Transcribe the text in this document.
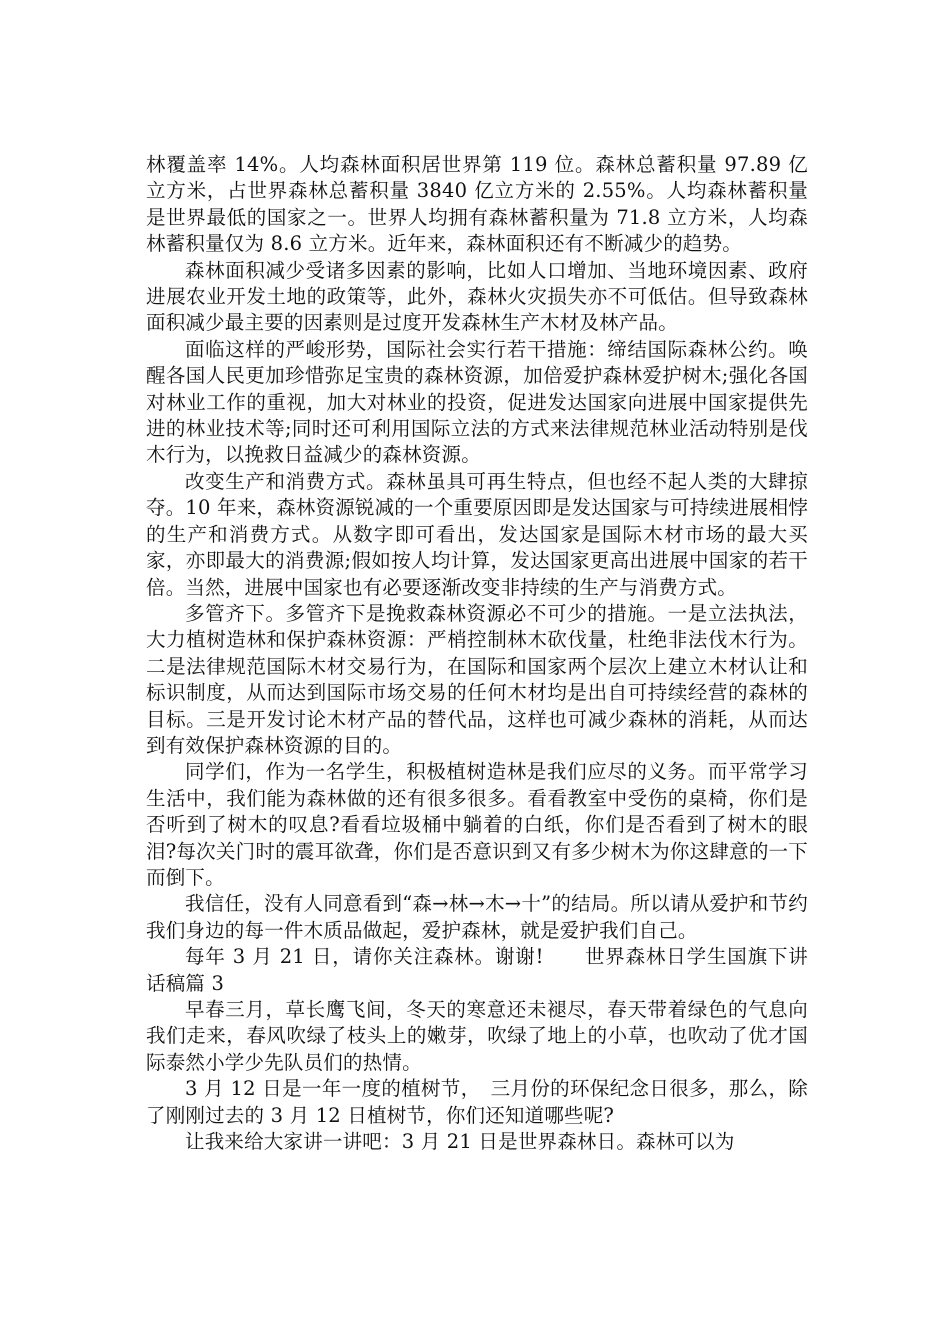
林覆盖率 14%。人均森林面积居世界第 119 位。森林总蓄积量 97.89 亿立方米，占世界森林总蓄积量 3840 亿立方米的 2.55%。人均森林蓄积量是世界最低的国家之一。世界人均拥有森林蓄积量为 71.8 立方米，人均森林蓄积量仅为 8.6 立方米。近年来，森林面积还有不断减少的趋势。

森林面积减少受诸多因素的影响，比如人口增加、当地环境因素、政府进展农业开发土地的政策等，此外，森林火灾损失亦不可低估。但导致森林面积减少最主要的因素则是过度开发森林生产木材及林产品。

面临这样的严峻形势，国际社会实行若干措施：缔结国际森林公约。唤醒各国人民更加珍惜弥足宝贵的森林资源，加倍爱护森林爱护树木;强化各国对林业工作的重视，加大对林业的投资，促进发达国家向进展中国家提供先进的林业技术等;同时还可利用国际立法的方式来法律规范林业活动特别是伐木行为，以挽救日益减少的森林资源。

改变生产和消费方式。森林虽具可再生特点，但也经不起人类的大肆掠夺。10 年来，森林资源锐减的一个重要原因即是发达国家与可持续进展相悖的生产和消费方式。从数字即可看出，发达国家是国际木材市场的最大买家，亦即最大的消费源;假如按人均计算，发达国家更高出进展中国家的若干倍。当然，进展中国家也有必要逐渐改变非持续的生产与消费方式。

多管齐下。多管齐下是挽救森林资源必不可少的措施。一是立法执法，大力植树造林和保护森林资源：严梢控制林木砍伐量，杜绝非法伐木行为。二是法律规范国际木材交易行为，在国际和国家两个层次上建立木材认让和标识制度，从而达到国际市场交易的任何木材均是出自可持续经营的森林的目标。三是开发讨论木材产品的替代品，这样也可减少森林的消耗，从而达到有效保护森林资源的目的。

同学们，作为一名学生，积极植树造林是我们应尽的义务。而平常学习生活中，我们能为森林做的还有很多很多。看看教室中受伤的桌椅，你们是否听到了树木的叹息?看看垃圾桶中躺着的白纸，你们是否看到了树木的眼泪?每次关门时的震耳欲聋，你们是否意识到又有多少树木为你这肆意的一下而倒下。

我信任，没有人同意看到“森→林→木→十”的结局。所以请从爱护和节约我们身边的每一件木质品做起，爱护森林，就是爱护我们自己。

每年 3 月 21 日，请你关注森林。谢谢!　　世界森林日学生国旗下讲话稿篇 3

早春三月，草长鹰飞间，冬天的寒意还未褪尽，春天带着绿色的气息向我们走来，春风吹绿了枝头上的嫩芽，吹绿了地上的小草，也吹动了优才国际泰然小学少先队员们的热情。

3 月 12 日是一年一度的植树节，　三月份的环保纪念日很多，那么，除了刚刚过去的 3 月 12 日植树节，你们还知道哪些呢?

让我来给大家讲一讲吧：3 月 21 日是世界森林日。森林可以为
